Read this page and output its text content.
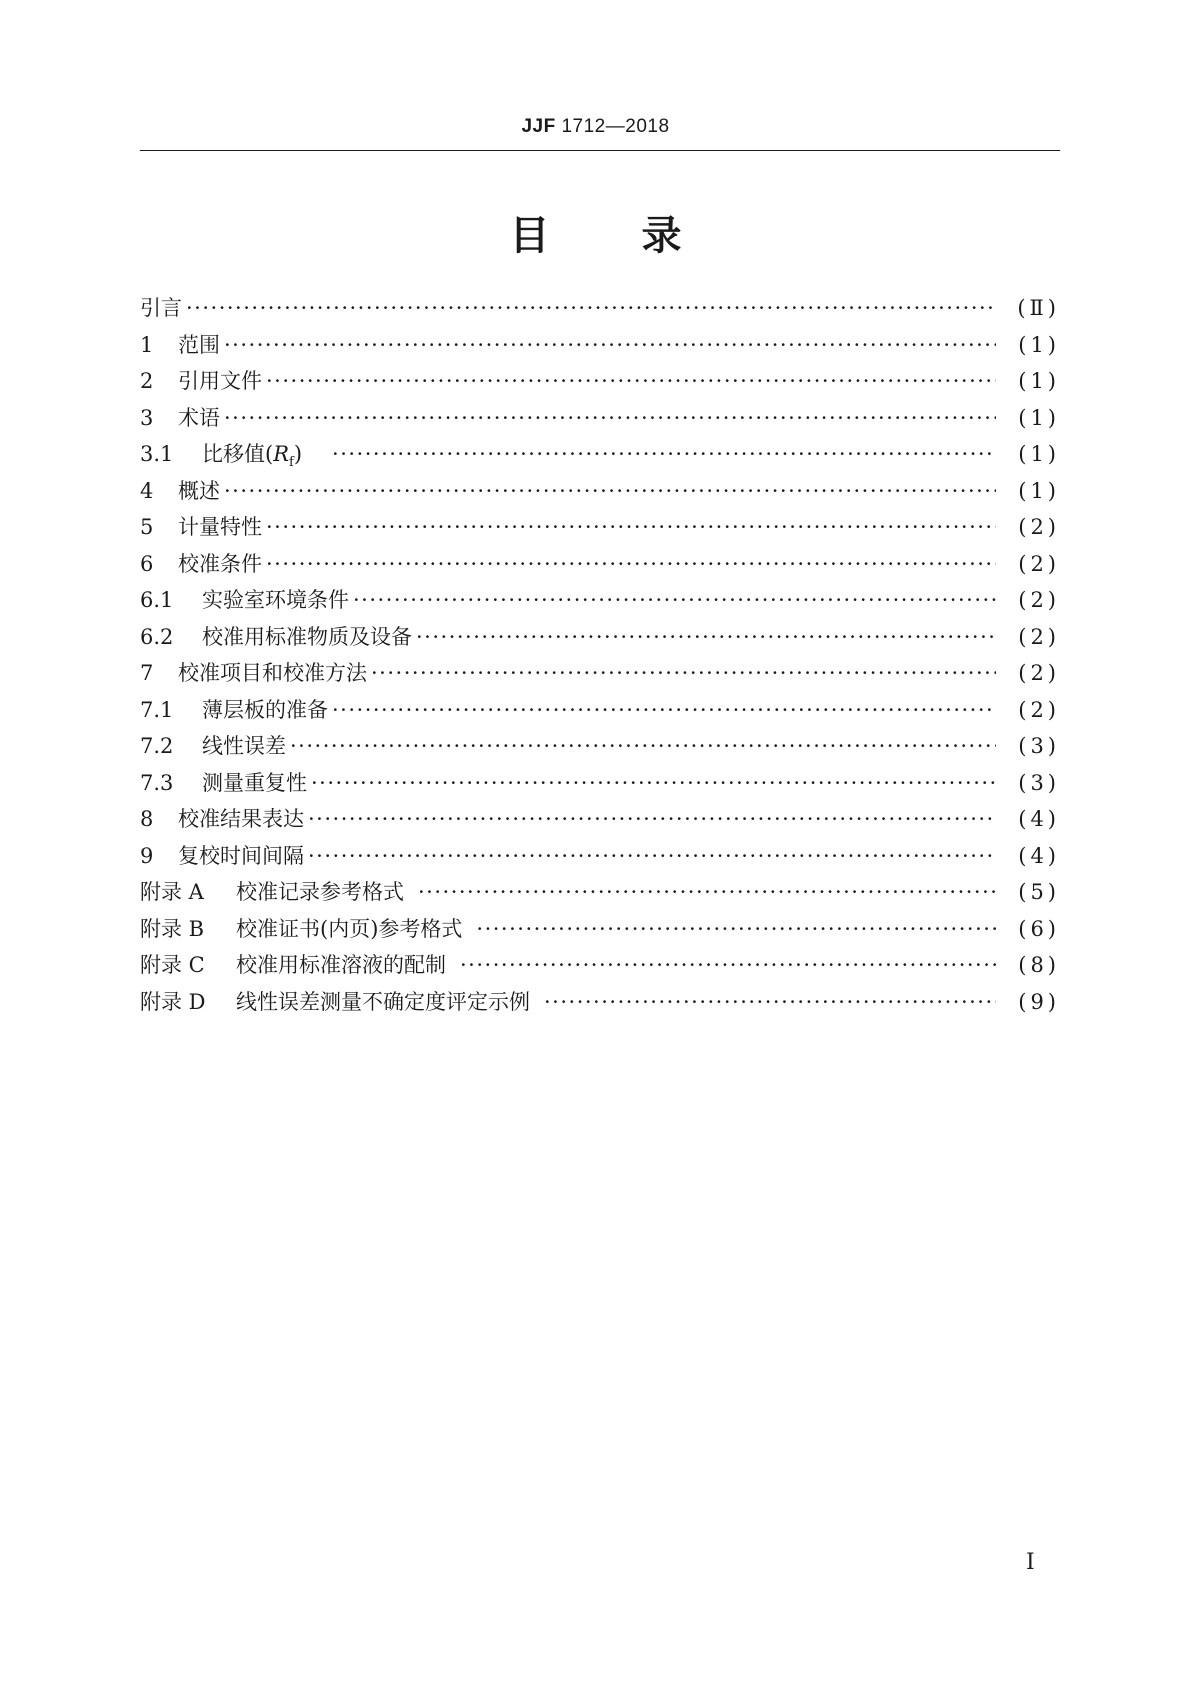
JJF 1712—2018
目 录
引言 ·····	(Ⅱ)
1	范围 ·····	(1)
2	引用文件 ·····	(1)
3	术语 ·····	(1)
3.1	比移值$(R_f)$ ·····	(1)
4	概述 ·····	(1)
5	计量特性 ·····	(2)
6	校准条件 ·····	(2)
6.1	实验室环境条件 ·····	(2)
6.2	校准用标准物质及设备 ·····	(2)
7	校准项目和校准方法 ·····	(2)
7.1	薄层板的准备 ·····	(2)
7.2	线性误差 ·····	(3)
7.3	测量重复性 ·····	(3)
8	校准结果表达 ·····	(4)
9	复校时间间隔 ·····	(4)
附录 A	校准记录参考格式 ·····	(5)
附录 B	校准证书(内页)参考格式 ·····	(6)
附录 C	校准用标准溶液的配制 ·····	(8)
附录 D	线性误差测量不确定度评定示例 ·····	(9)
Ⅰ
